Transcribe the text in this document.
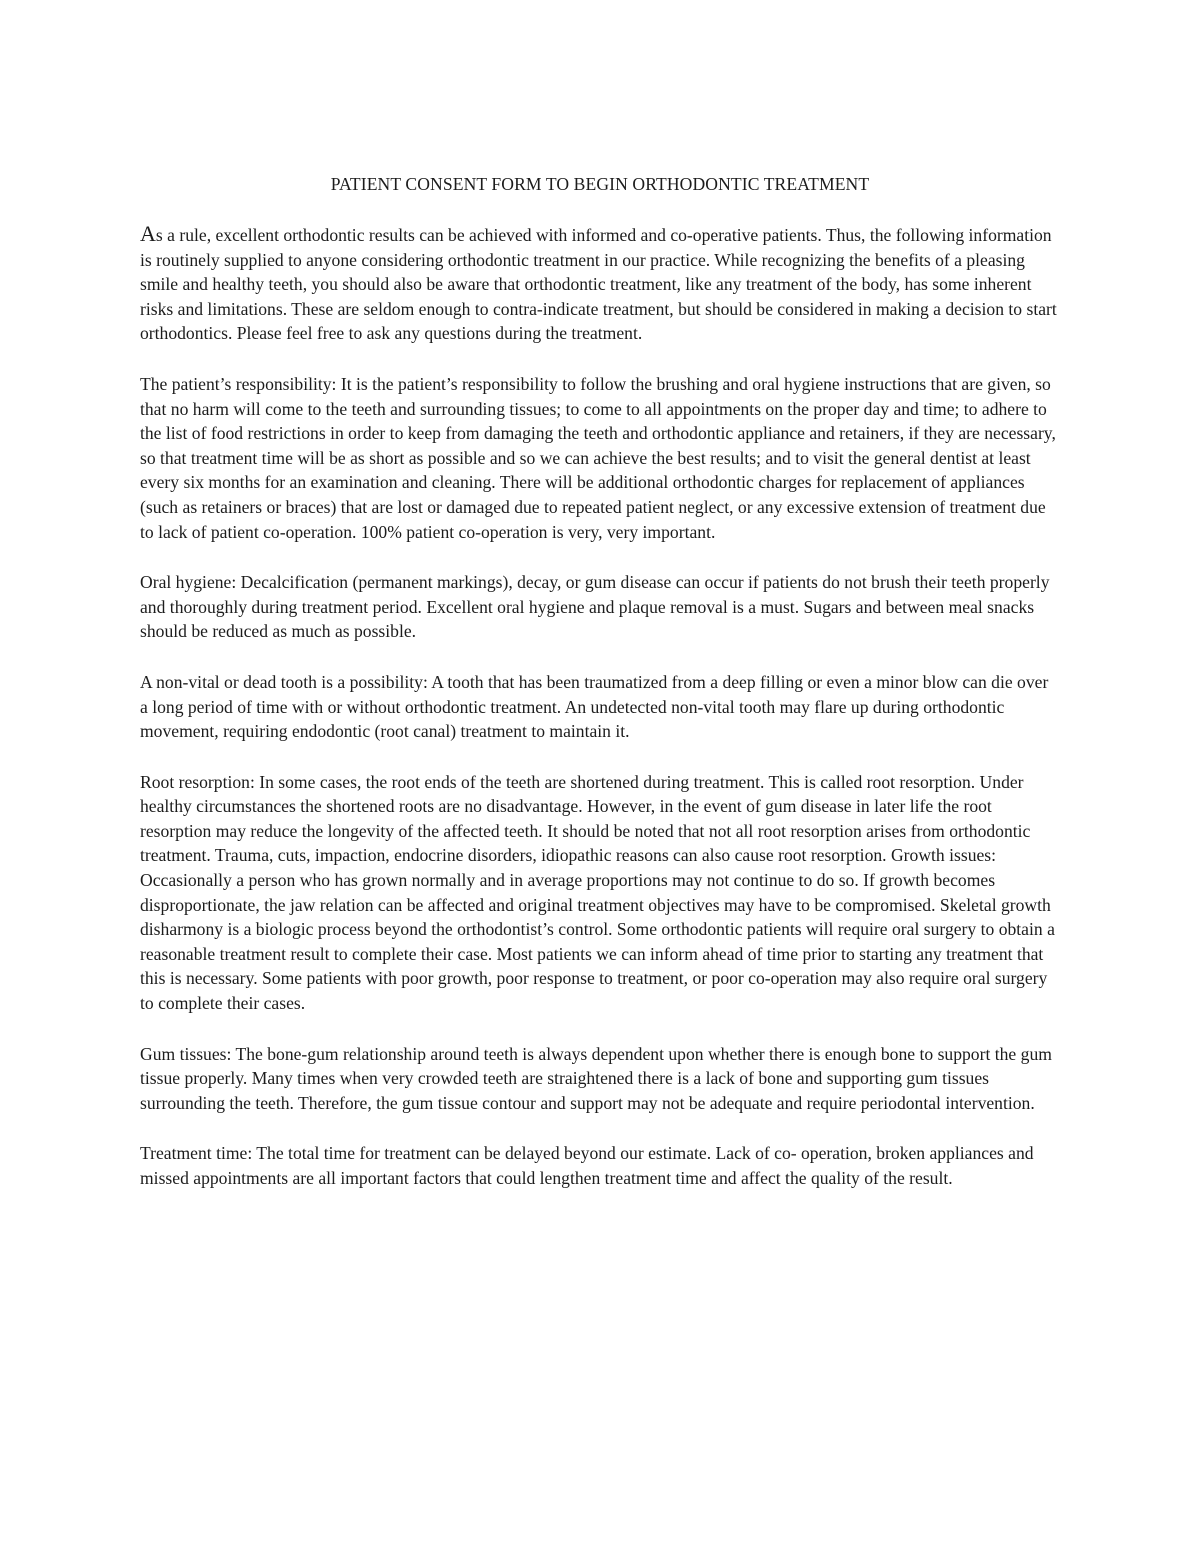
PATIENT CONSENT FORM TO BEGIN ORTHODONTIC TREATMENT

As a rule, excellent orthodontic results can be achieved with informed and co-operative patients. Thus, the following information is routinely supplied to anyone considering orthodontic treatment in our practice. While recognizing the benefits of a pleasing smile and healthy teeth, you should also be aware that orthodontic treatment, like any treatment of the body, has some inherent risks and limitations. These are seldom enough to contra-indicate treatment, but should be considered in making a decision to start orthodontics. Please feel free to ask any questions during the treatment.

The patient’s responsibility: It is the patient’s responsibility to follow the brushing and oral hygiene instructions that are given, so that no harm will come to the teeth and surrounding tissues; to come to all appointments on the proper day and time; to adhere to the list of food restrictions in order to keep from damaging the teeth and orthodontic appliance and retainers, if they are necessary, so that treatment time will be as short as possible and so we can achieve the best results; and to visit the general dentist at least every six months for an examination and cleaning. There will be additional orthodontic charges for replacement of appliances (such as retainers or braces) that are lost or damaged due to repeated patient neglect, or any excessive extension of treatment due to lack of patient co-operation. 100% patient co-operation is very, very important.

Oral hygiene: Decalcification (permanent markings), decay, or gum disease can occur if patients do not brush their teeth properly and thoroughly during treatment period. Excellent oral hygiene and plaque removal is a must. Sugars and between meal snacks should be reduced as much as possible.

A non-vital or dead tooth is a possibility: A tooth that has been traumatized from a deep filling or even a minor blow can die over a long period of time with or without orthodontic treatment. An undetected non-vital tooth may flare up during orthodontic movement, requiring endodontic (root canal) treatment to maintain it.

Root resorption: In some cases, the root ends of the teeth are shortened during treatment. This is called root resorption. Under healthy circumstances the shortened roots are no disadvantage. However, in the event of gum disease in later life the root resorption may reduce the longevity of the affected teeth. It should be noted that not all root resorption arises from orthodontic treatment. Trauma, cuts, impaction, endocrine disorders, idiopathic reasons can also cause root resorption. Growth issues: Occasionally a person who has grown normally and in average proportions may not continue to do so. If growth becomes disproportionate, the jaw relation can be affected and original treatment objectives may have to be compromised. Skeletal growth disharmony is a biologic process beyond the orthodontist’s control. Some orthodontic patients will require oral surgery to obtain a reasonable treatment result to complete their case. Most patients we can inform ahead of time prior to starting any treatment that this is necessary. Some patients with poor growth, poor response to treatment, or poor co-operation may also require oral surgery to complete their cases.

Gum tissues: The bone-gum relationship around teeth is always dependent upon whether there is enough bone to support the gum tissue properly. Many times when very crowded teeth are straightened there is a lack of bone and supporting gum tissues surrounding the teeth. Therefore, the gum tissue contour and support may not be adequate and require periodontal intervention.

Treatment time: The total time for treatment can be delayed beyond our estimate. Lack of co- operation, broken appliances and missed appointments are all important factors that could lengthen treatment time and affect the quality of the result.
